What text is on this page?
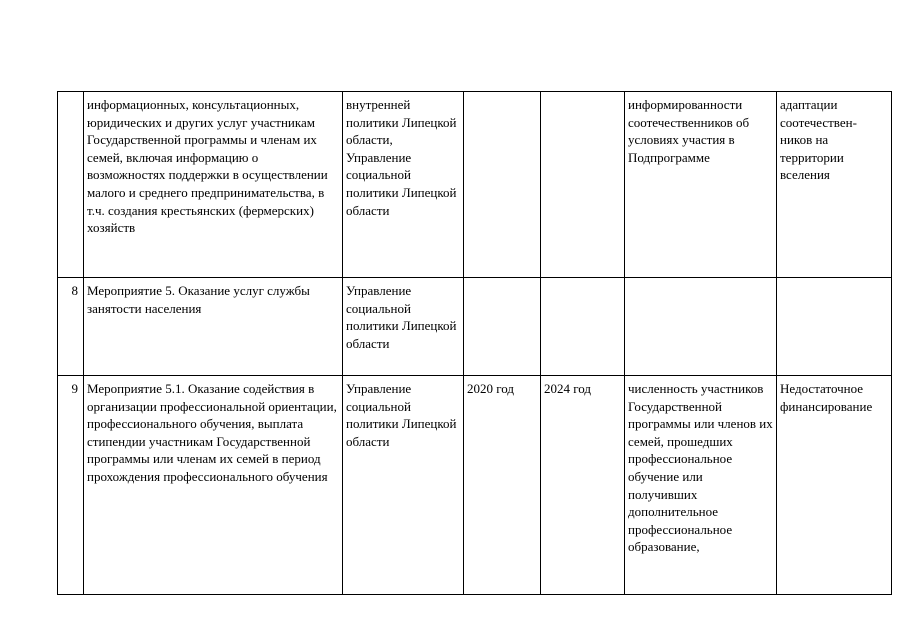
	информационных, консультационных, юридических и других услуг участникам Государственной программы и членам их семей, включая информацию о возможностях поддержки в осуществлении малого и среднего предпринимательства, в т.ч. создания крестьянских (фермерских) хозяйств	внутренней политики Липецкой области, Управление социальной политики Липецкой области			информированности соотечественников об условиях участия в Подпрограмме	адаптации соотечествен-ников на территории вселения

8	Мероприятие 5. Оказание услуг службы занятости населения	Управление социальной политики Липецкой области				

9	Мероприятие 5.1. Оказание содействия в организации профессиональной ориентации, профессионального обучения, выплата стипендии участникам Государственной программы или членам их семей в период прохождения профессионального обучения	Управление социальной политики Липецкой области	2020 год	2024 год	численность участников Государственной программы или членов их семей, прошедших профессиональное обучение или получивших дополнительное профессиональное образование,	Недостаточное финансирование
